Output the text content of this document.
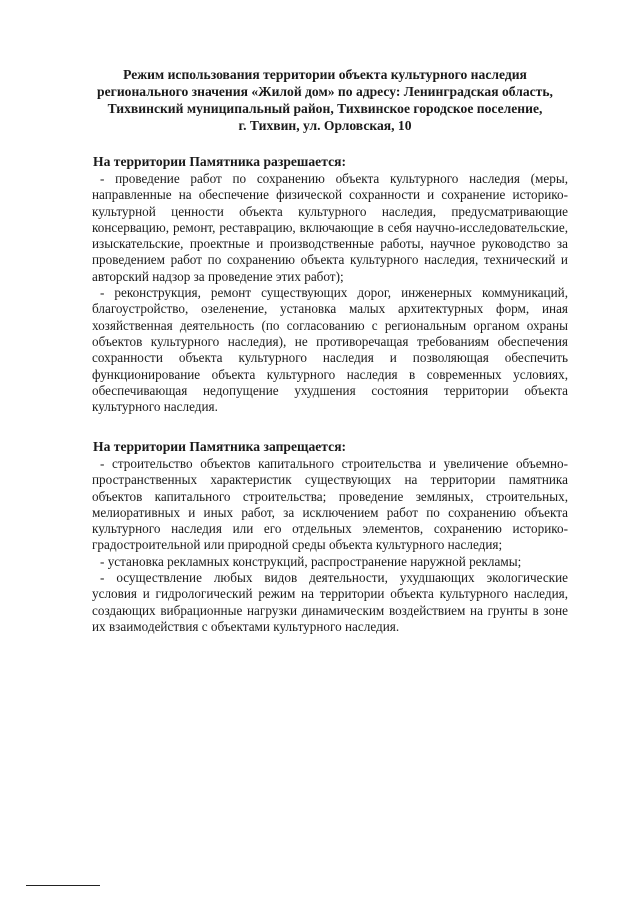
Режим использования территории объекта культурного наследия
регионального значения «Жилой дом» по адресу: Ленинградская область,
Тихвинский муниципальный район, Тихвинское городское поселение,
г. Тихвин, ул. Орловская, 10
На территории Памятника разрешается:
- проведение работ по сохранению объекта культурного наследия (меры,
направленные на обеспечение физической сохранности и сохранение историко-
культурной ценности объекта культурного наследия, предусматривающие
консервацию, ремонт, реставрацию, включающие в себя научно-исследовательские,
изыскательские, проектные и производственные работы, научное руководство за
проведением работ по сохранению объекта культурного наследия, технический и
авторский надзор за проведение этих работ);
- реконструкция, ремонт существующих дорог, инженерных коммуникаций,
благоустройство, озеленение, установка малых архитектурных форм, иная
хозяйственная деятельность (по согласованию с региональным органом охраны
объектов культурного наследия), не противоречащая требованиям обеспечения
сохранности объекта культурного наследия и позволяющая обеспечить
функционирование объекта культурного наследия в современных условиях,
обеспечивающая недопущение ухудшения состояния территории объекта
культурного наследия.
На территории Памятника запрещается:
- строительство объектов капитального строительства и увеличение объемно-
пространственных характеристик существующих на территории памятника
объектов капитального строительства; проведение земляных, строительных,
мелиоративных и иных работ, за исключением работ по сохранению объекта
культурного наследия или его отдельных элементов, сохранению историко-
градостроительной или природной среды объекта культурного наследия;
- установка рекламных конструкций, распространение наружной рекламы;
- осуществление любых видов деятельности, ухудшающих экологические
условия и гидрологический режим на территории объекта культурного наследия,
создающих вибрационные нагрузки динамическим воздействием на грунты в зоне
их взаимодействия с объектами культурного наследия.
